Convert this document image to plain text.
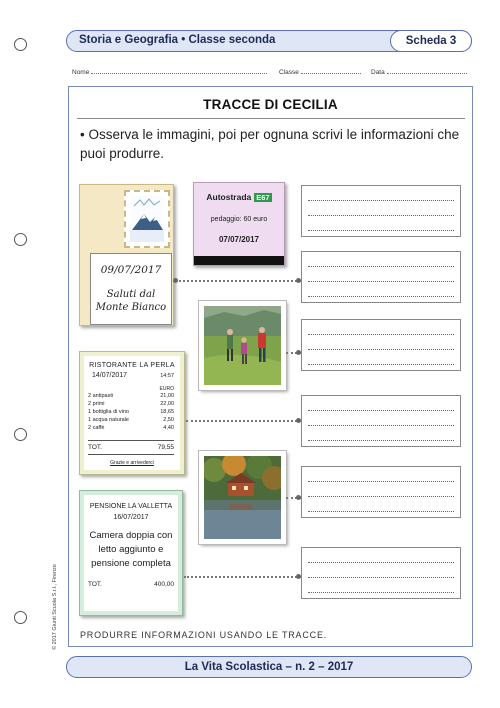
Storia e Geografia • Classe seconda	Scheda 3
Nome	Classe	Data
TRACCE DI CECILIA
• Osserva le immagini, poi per ognuna scrivi le informazioni che puoi produrre.
09/07/2017
Saluti dal Monte Bianco
Autostrada E67
pedaggio: 60 euro
07/07/2017
RISTORANTE LA PERLA
14/07/2017	14:57
EURO
2 antipasti	21,00
2 primi	22,00
1 bottiglia di vino	18,65
1 acqua naturale	2,50
2 caffè	4,40
TOT.	79,55
Grazie e arrivederci
PENSIONE LA VALLETTA
16/07/2017
Camera doppia con letto aggiunto e pensione completa
TOT.	400,00
PRODURRE INFORMAZIONI USANDO LE TRACCE.
© 2017 Giunti Scuola S.r.l., Firenze
La Vita Scolastica – n. 2 – 2017
